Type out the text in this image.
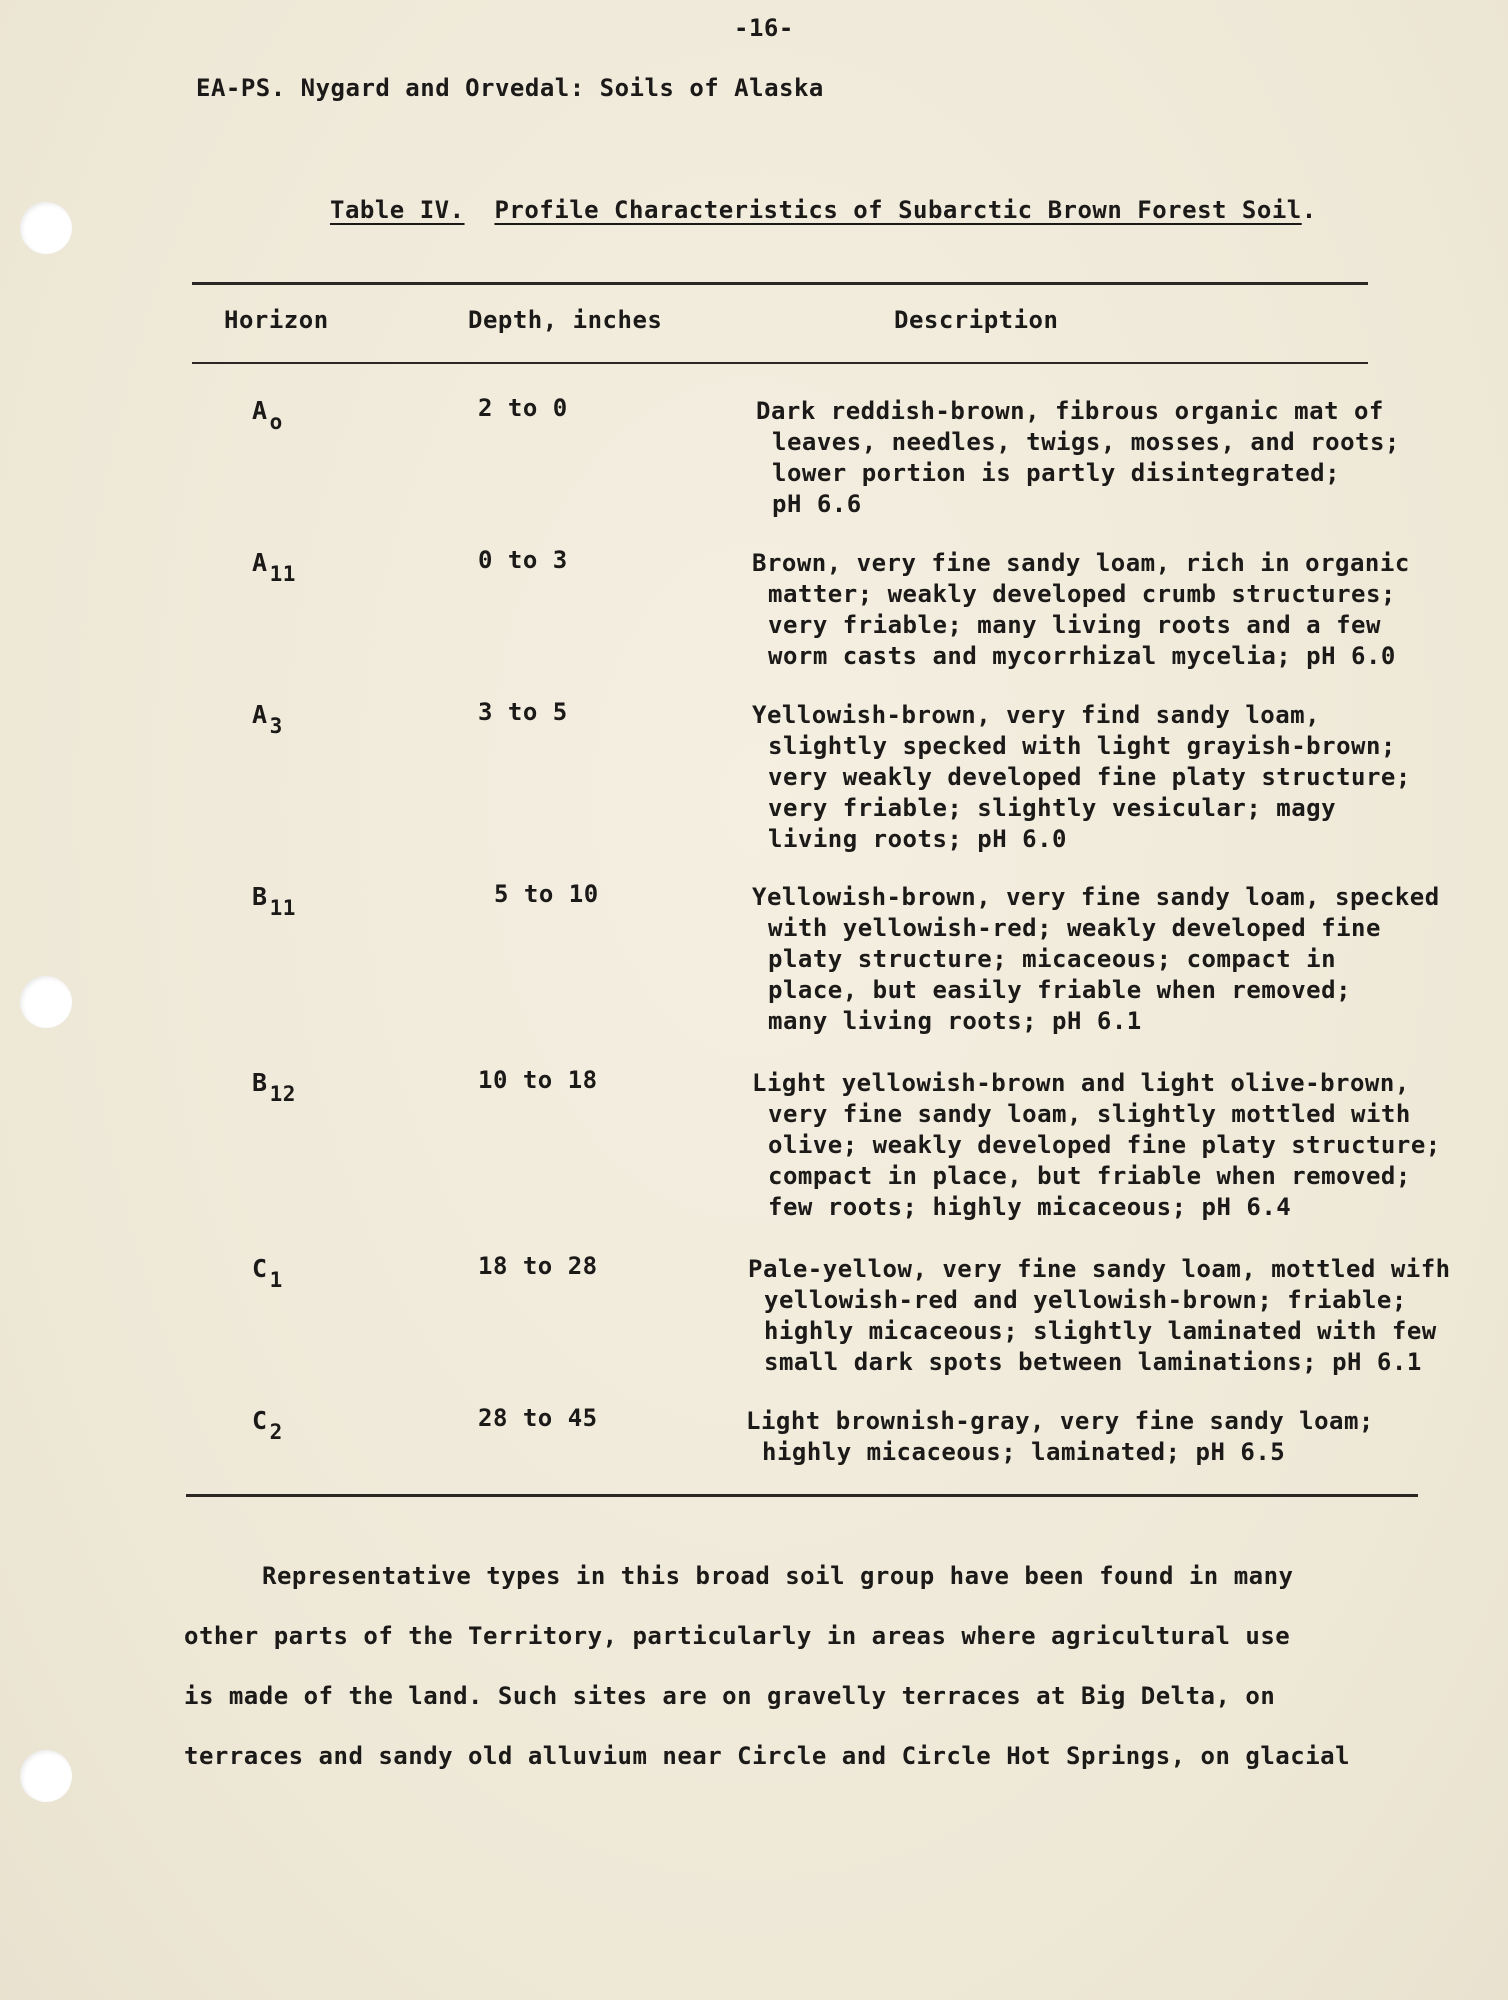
-16-
EA-PS. Nygard and Orvedal: Soils of Alaska
Table IV. Profile Characteristics of Subarctic Brown Forest Soil.
Horizon	Depth, inches	Description
$A_o$	2 to 0	Dark reddish-brown, fibrous organic mat of
leaves, needles, twigs, mosses, and roots;
lower portion is partly disintegrated;
pH 6.6
$A_{11}$	0 to 3	Brown, very fine sandy loam, rich in organic
matter; weakly developed crumb structures;
very friable; many living roots and a few
worm casts and mycorrhizal mycelia; pH 6.0
$A_3$	3 to 5	Yellowish-brown, very find sandy loam,
slightly specked with light grayish-brown;
very weakly developed fine platy structure;
very friable; slightly vesicular; magy
living roots; pH 6.0
$B_{11}$	5 to 10	Yellowish-brown, very fine sandy loam, specked
with yellowish-red; weakly developed fine
platy structure; micaceous; compact in
place, but easily friable when removed;
many living roots; pH 6.1
$B_{12}$	10 to 18	Light yellowish-brown and light olive-brown,
very fine sandy loam, slightly mottled with
olive; weakly developed fine platy structure;
compact in place, but friable when removed;
few roots; highly micaceous; pH 6.4
$C_1$	18 to 28	Pale-yellow, very fine sandy loam, mottled wifh
yellowish-red and yellowish-brown; friable;
highly micaceous; slightly laminated with few
small dark spots between laminations; pH 6.1
$C_2$	28 to 45	Light brownish-gray, very fine sandy loam;
highly micaceous; laminated; pH 6.5
Representative types in this broad soil group have been found in many
other parts of the Territory, particularly in areas where agricultural use
is made of the land. Such sites are on gravelly terraces at Big Delta, on
terraces and sandy old alluvium near Circle and Circle Hot Springs, on glacial
